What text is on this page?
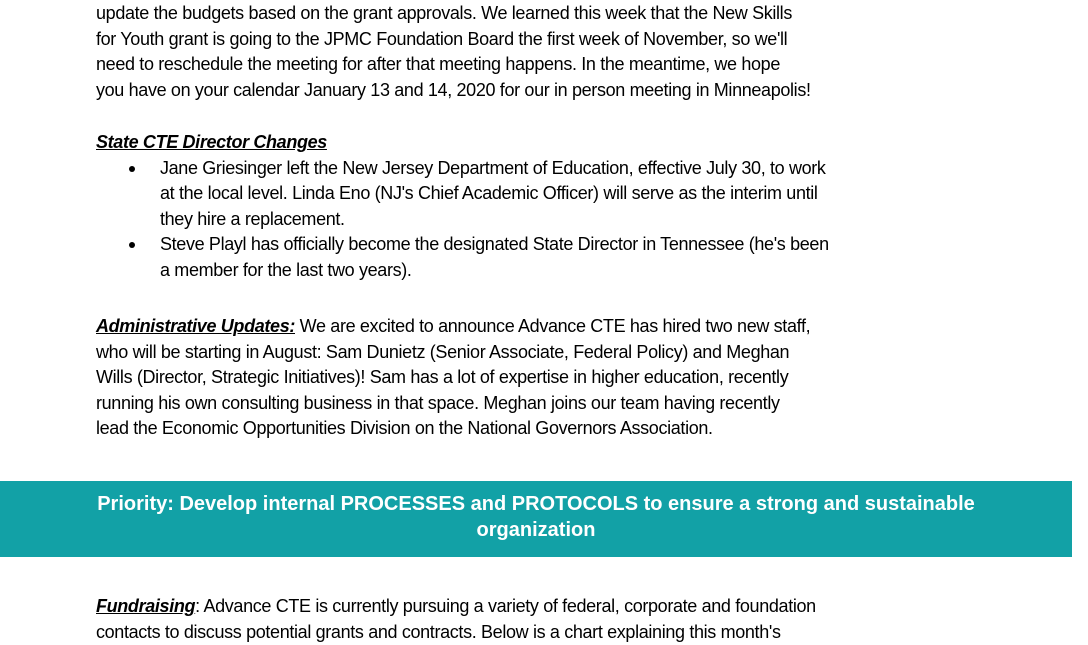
update the budgets based on the grant approvals. We learned this week that the New Skills
for Youth grant is going to the JPMC Foundation Board the first week of November, so we'll
need to reschedule the meeting for after that meeting happens. In the meantime, we hope
you have on your calendar January 13 and 14, 2020 for our in person meeting in Minneapolis!
State CTE Director Changes
Jane Griesinger left the New Jersey Department of Education, effective July 30, to work
at the local level. Linda Eno (NJ's Chief Academic Officer) will serve as the interim until
they hire a replacement.
Steve Playl has officially become the designated State Director in Tennessee (he's been
a member for the last two years).
Administrative Updates: We are excited to announce Advance CTE has hired two new staff,
who will be starting in August: Sam Dunietz (Senior Associate, Federal Policy) and Meghan
Wills (Director, Strategic Initiatives)! Sam has a lot of expertise in higher education, recently
running his own consulting business in that space. Meghan joins our team having recently
lead the Economic Opportunities Division on the National Governors Association.
Priority: Develop internal PROCESSES and PROTOCOLS to ensure a strong and sustainable
organization
Fundraising: Advance CTE is currently pursuing a variety of federal, corporate and foundation
contacts to discuss potential grants and contracts. Below is a chart explaining this month's
